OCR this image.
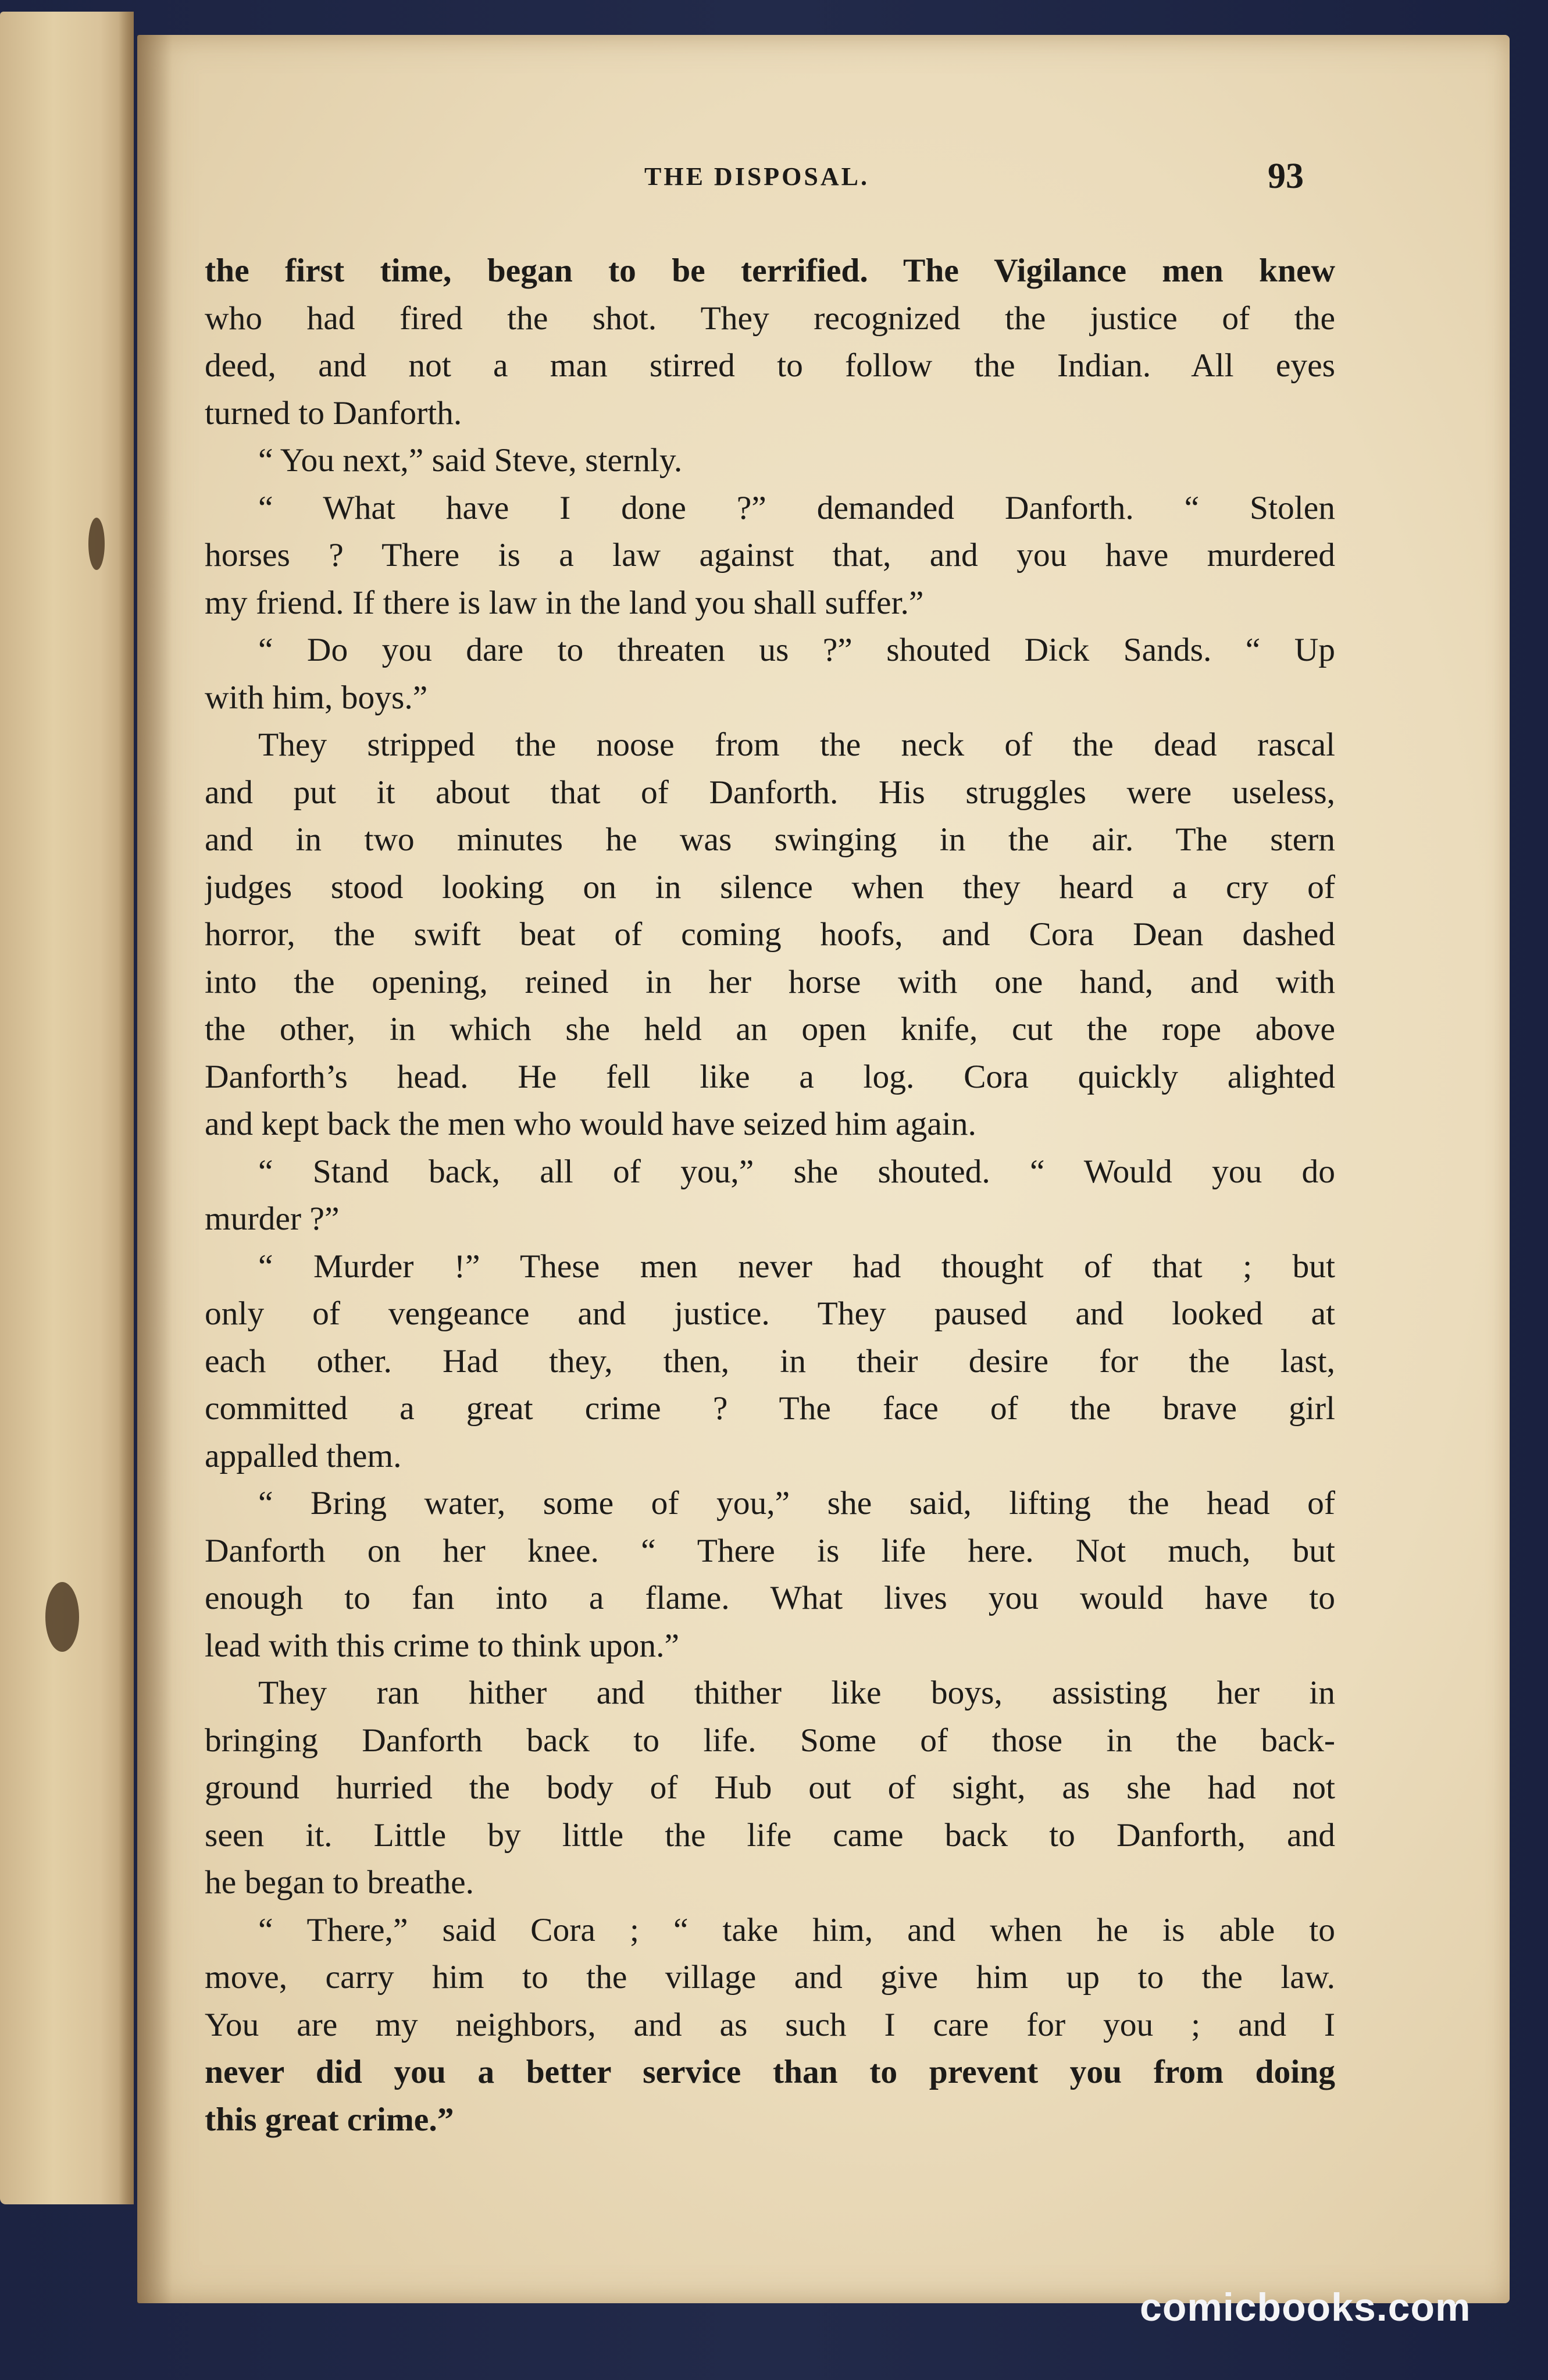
THE DISPOSAL.	93
the first time, began to be terrified. The Vigilance men knew
who had fired the shot. They recognized the justice of the
deed, and not a man stirred to follow the Indian. All eyes
turned to Danforth.
“ You next,” said Steve, sternly.
“ What have I done ?” demanded Danforth. “ Stolen
horses ? There is a law against that, and you have murdered
my friend. If there is law in the land you shall suffer.”
“ Do you dare to threaten us ?” shouted Dick Sands. “ Up
with him, boys.”
They stripped the noose from the neck of the dead rascal
and put it about that of Danforth. His struggles were useless,
and in two minutes he was swinging in the air. The stern
judges stood looking on in silence when they heard a cry of
horror, the swift beat of coming hoofs, and Cora Dean dashed
into the opening, reined in her horse with one hand, and with
the other, in which she held an open knife, cut the rope above
Danforth’s head. He fell like a log. Cora quickly alighted
and kept back the men who would have seized him again.
“ Stand back, all of you,” she shouted. “ Would you do
murder ?”
“ Murder !” These men never had thought of that ; but
only of vengeance and justice. They paused and looked at
each other. Had they, then, in their desire for the last,
committed a great crime ? The face of the brave girl
appalled them.
“ Bring water, some of you,” she said, lifting the head of
Danforth on her knee. “ There is life here. Not much, but
enough to fan into a flame. What lives you would have to
lead with this crime to think upon.”
They ran hither and thither like boys, assisting her in
bringing Danforth back to life. Some of those in the back-
ground hurried the body of Hub out of sight, as she had not
seen it. Little by little the life came back to Danforth, and
he began to breathe.
“ There,” said Cora ; “ take him, and when he is able to
move, carry him to the village and give him up to the law.
You are my neighbors, and as such I care for you ; and I
never did you a better service than to prevent you from doing
this great crime.”
comicbooks.com
